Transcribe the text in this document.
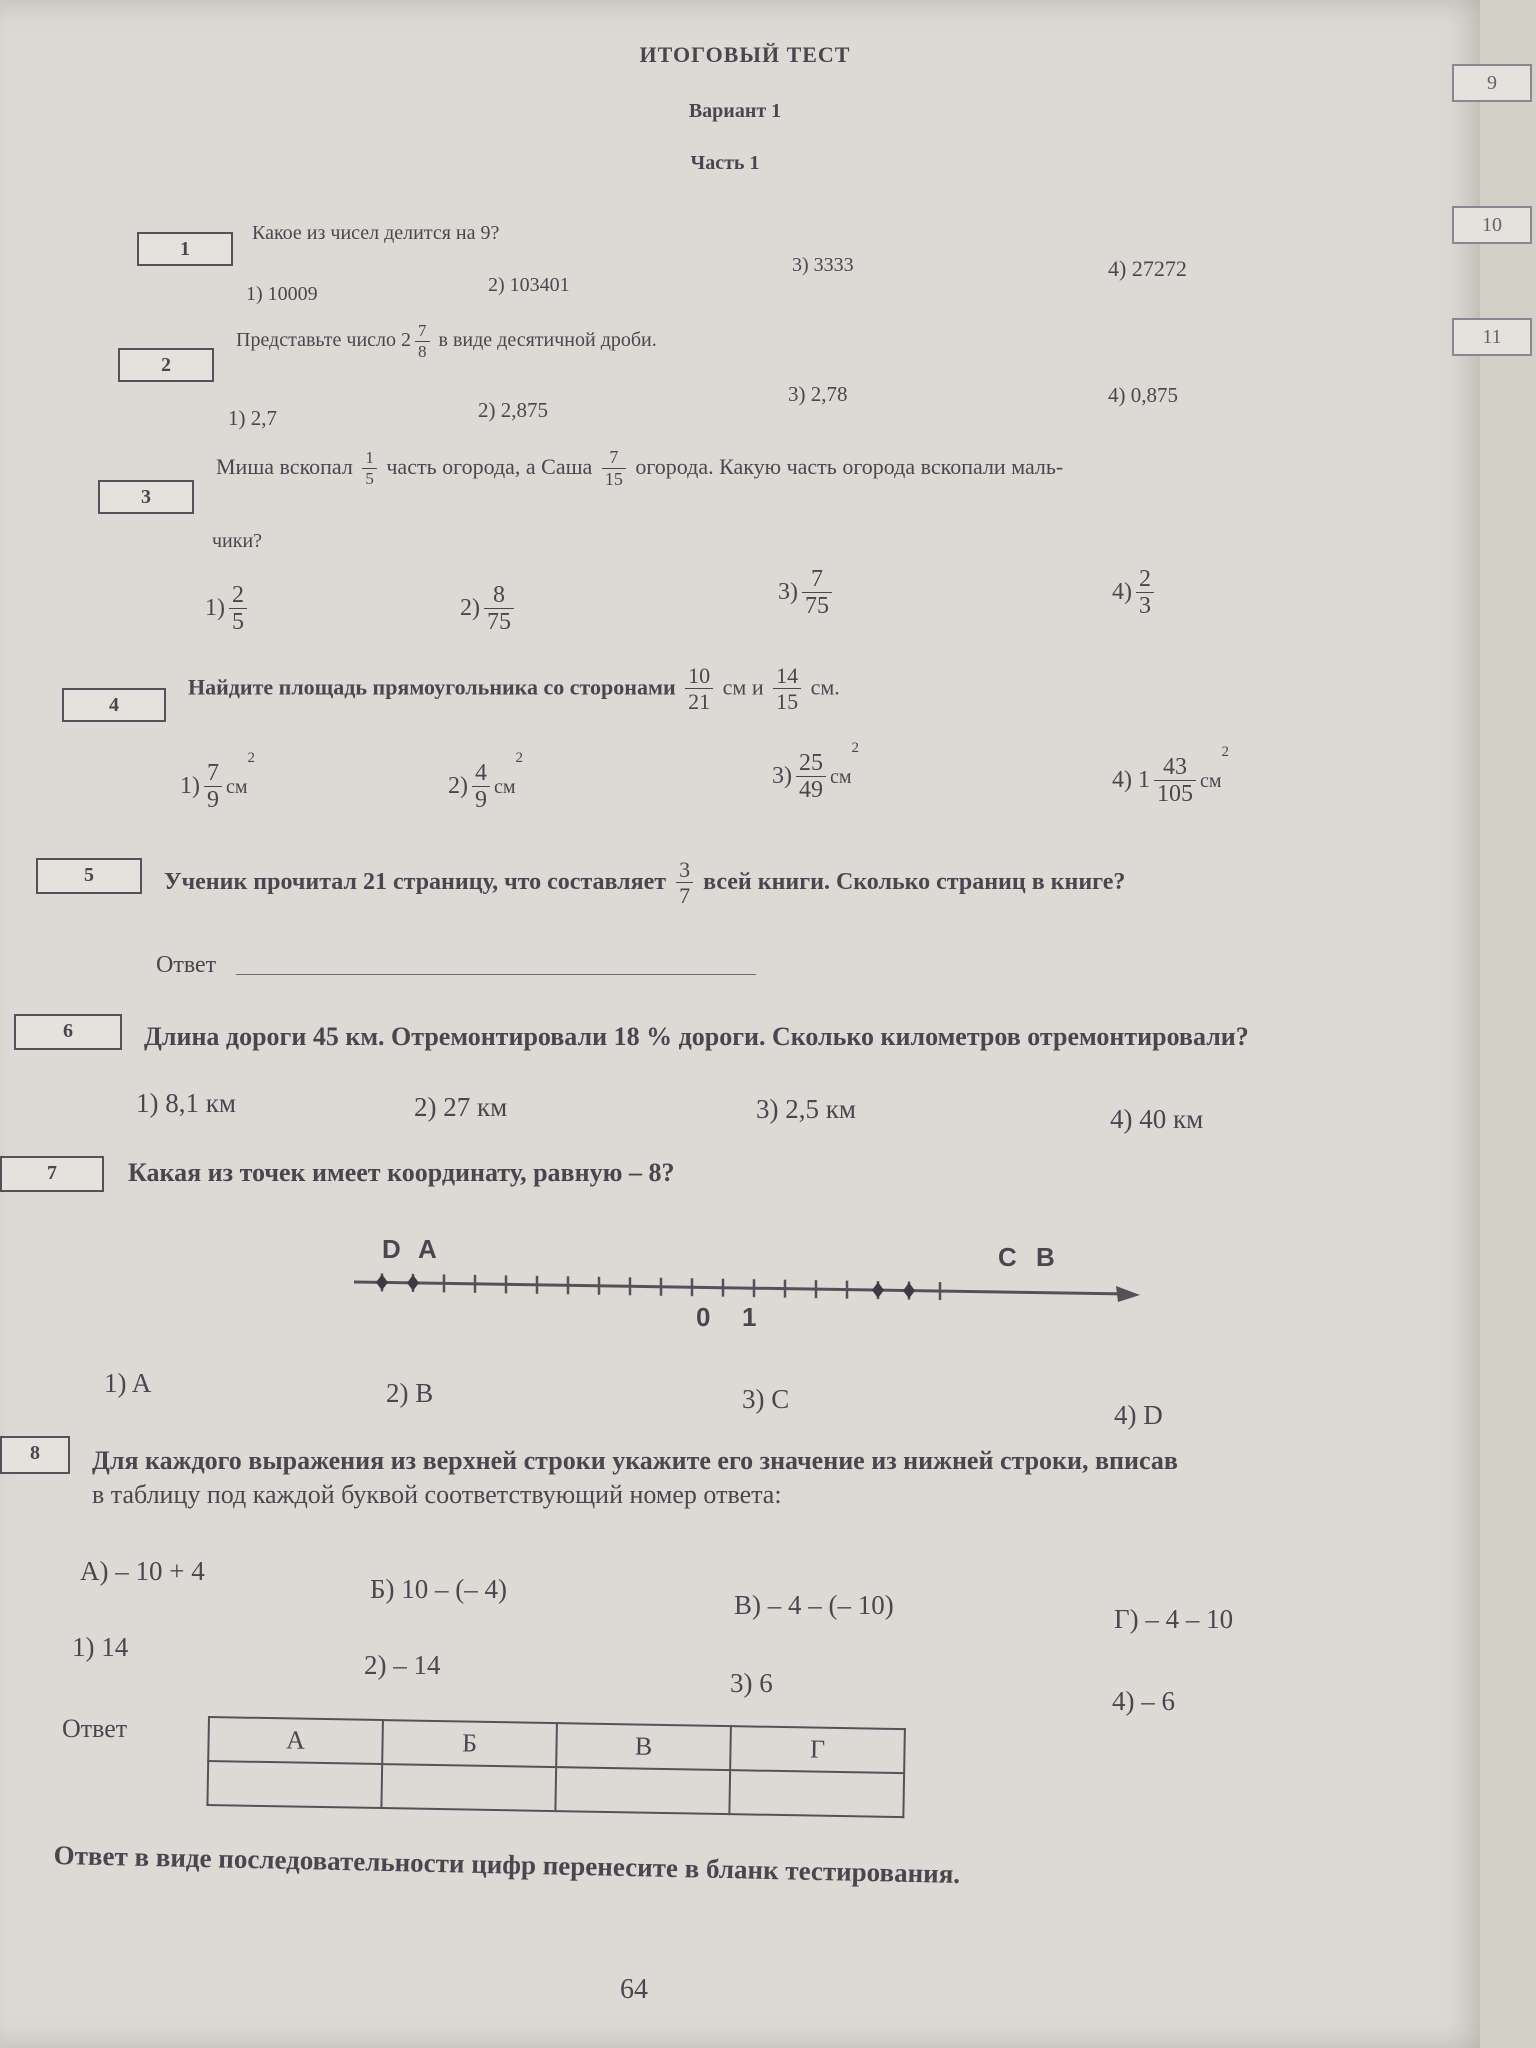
ИТОГОВЫЙ ТЕСТ
Вариант 1
Часть 1
1
Какое из чисел делится на 9?
1) 10009	2) 103401
3) 3333	4) 27272
2
Представьте число $2 \frac{7}{8}$ в виде десятичной дроби.
1) 2,7	2) 2,875
3) 2,78	4) 0,875
3
Миша вскопал $\frac{1}{5}$ часть огорода, а Саша $\frac{7}{15}$ огорода. Какую часть огорода вскопали маль-
чики?
$1) \frac{2}{5}$	$2) \frac{8}{75}$	$3) \frac{7}{75}$	$4) \frac{2}{3}$
4
Найдите площадь прямоугольника со сторонами $\frac{10}{21}$ см и $\frac{14}{15}$ см.
$1) \frac{7}{9} см^2$
$2) \frac{4}{9} см^2$
$3) \frac{25}{49} см^2$
4) $1 \frac{43}{105} см^2$
5	Ученик прочитал 21 страницу, что составляет $\frac{3}{7}$ всей книги. Сколько страниц в книге?
Ответ
6	Длина дороги 45 км. Отремонтировали 18 % дороги. Сколько километров отремонтировали?
1) 8,1 км	2) 27 км	3) 2,5 км	4) 40 км
7	Какая из точек имеет координату, равную – 8?
D A	C B
0 1
1) A	2) B	3) C
4) D
8	Для каждого выражения из верхней строки укажите его значение из нижней строки, вписав
в таблицу под каждой буквой соответствующий номер ответа:
А) – 10 + 4
Б) 10 – (– 4)
В) – 4 – (– 10)	Г) – 4 – 10
1) 14
2) – 14
3) 6
4) – 6
Ответ	А	Б	В	Г

Ответ в виде последовательности цифр перенесите в бланк тестирования.
64
9
10
11
